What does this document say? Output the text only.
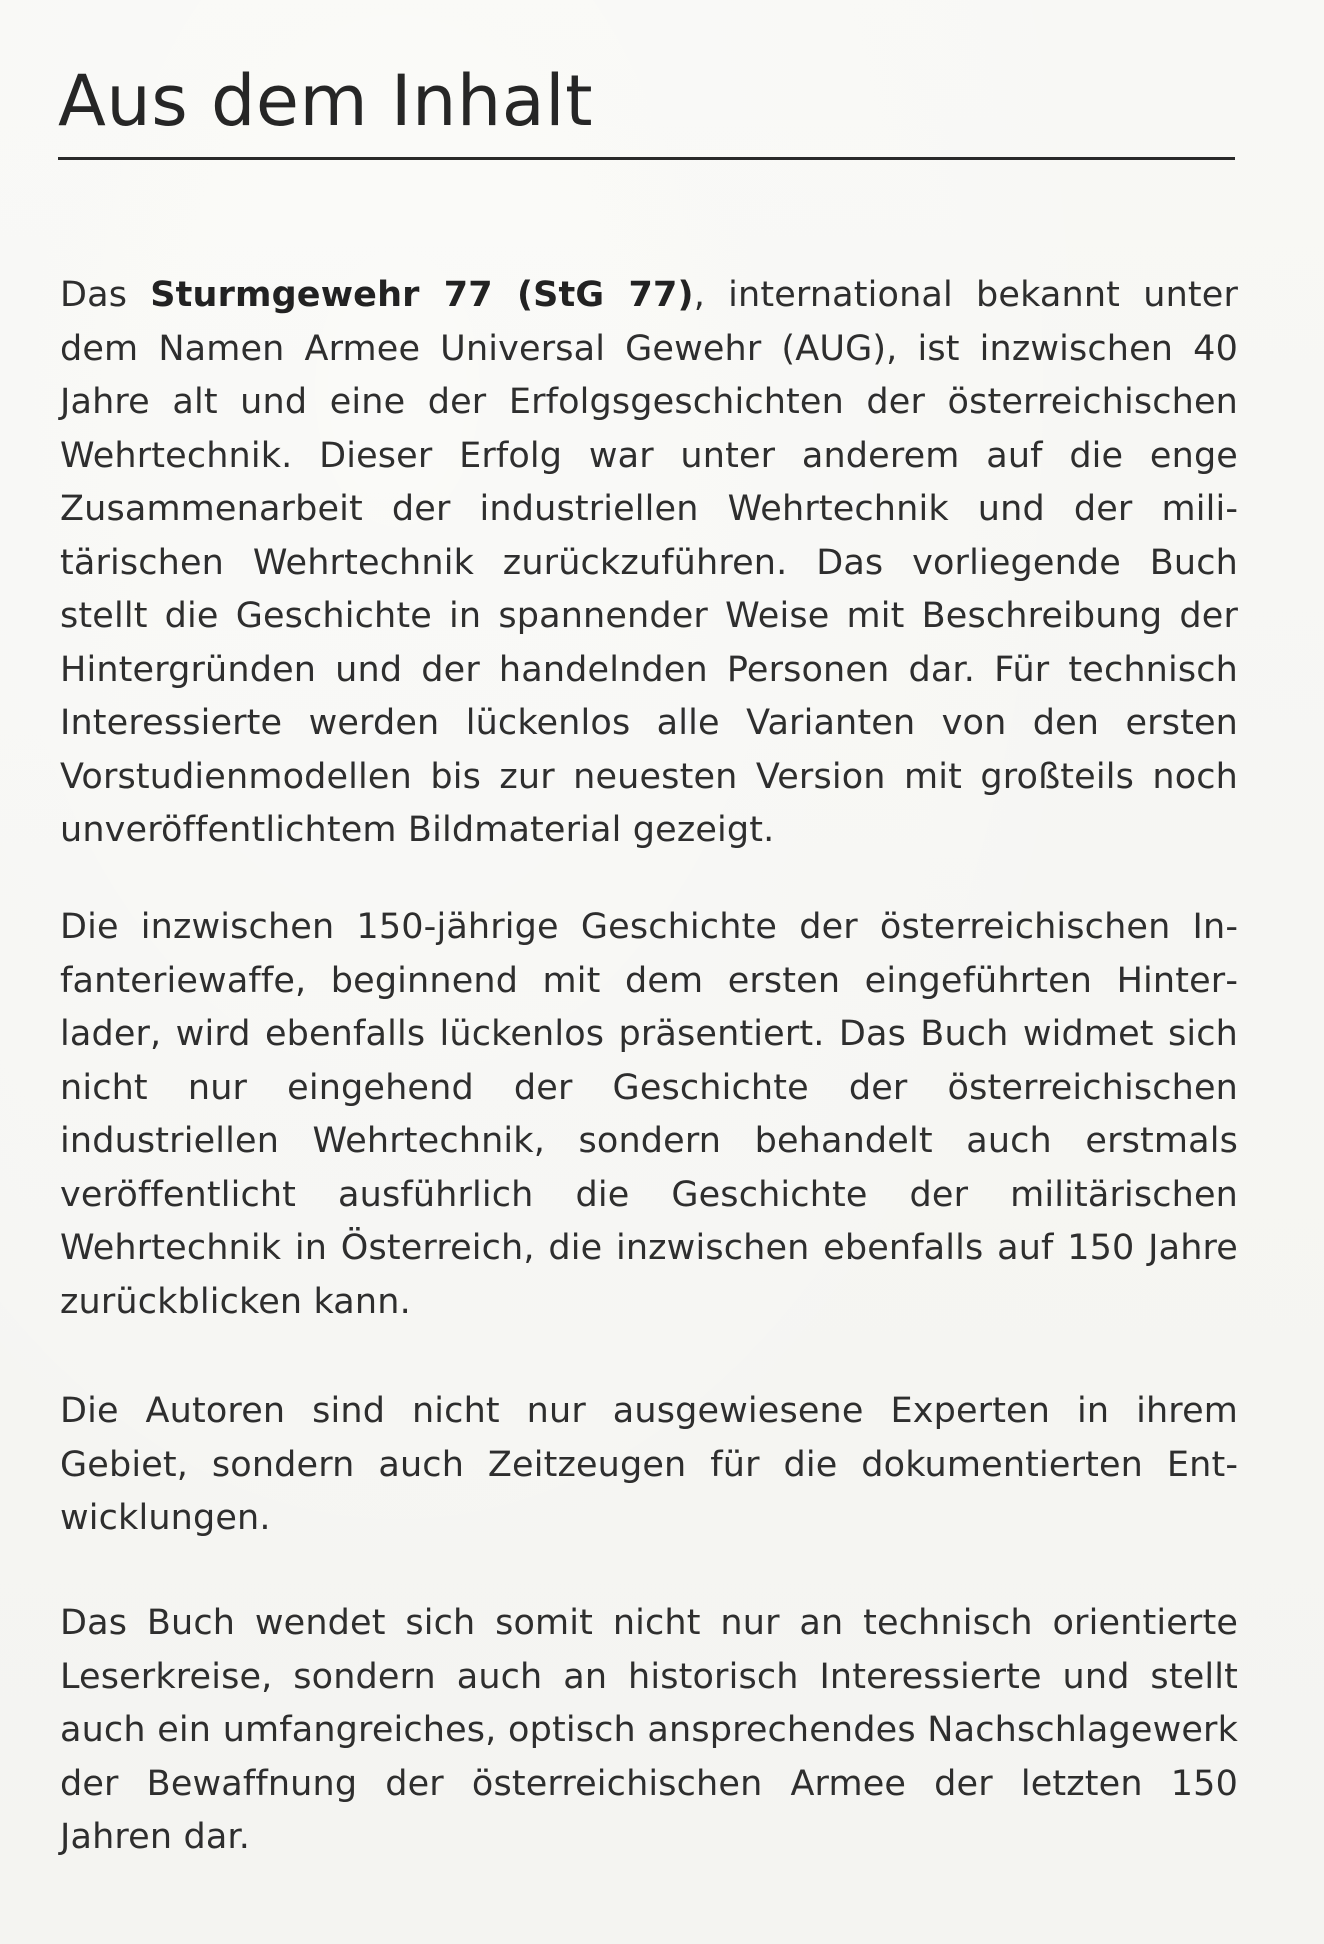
Aus dem Inhalt

Das Sturmgewehr 77 (StG 77), international bekannt unter dem Namen Armee Universal Gewehr (AUG), ist inzwischen 40 Jahre alt und eine der Erfolgsgeschichten der österreichischen Wehrtechnik. Dieser Erfolg war unter anderem auf die enge Zusammenarbeit der industriellen Wehrtechnik und der militärischen Wehrtechnik zurückzuführen. Das vorliegende Buch stellt die Geschichte in spannender Weise mit Beschreibung der Hintergründen und der handelnden Personen dar. Für technisch Interessierte werden lückenlos alle Varianten von den ersten Vorstudienmodellen bis zur neuesten Version mit großteils noch unveröffentlichtem Bildmaterial gezeigt.

Die inzwischen 150-jährige Geschichte der österreichischen Infanteriewaffe, beginnend mit dem ersten eingeführten Hinterlader, wird ebenfalls lückenlos präsentiert. Das Buch widmet sich nicht nur eingehend der Geschichte der österreichischen industriellen Wehrtechnik, sondern behandelt auch erstmals veröffentlicht ausführlich die Geschichte der militärischen Wehrtechnik in Österreich, die inzwischen ebenfalls auf 150 Jahre zurückblicken kann.

Die Autoren sind nicht nur ausgewiesene Experten in ihrem Gebiet, sondern auch Zeitzeugen für die dokumentierten Entwicklungen.

Das Buch wendet sich somit nicht nur an technisch orientierte Leserkreise, sondern auch an historisch Interessierte und stellt auch ein umfangreiches, optisch ansprechendes Nachschlagewerk der Bewaffnung der österreichischen Armee der letzten 150 Jahren dar.
